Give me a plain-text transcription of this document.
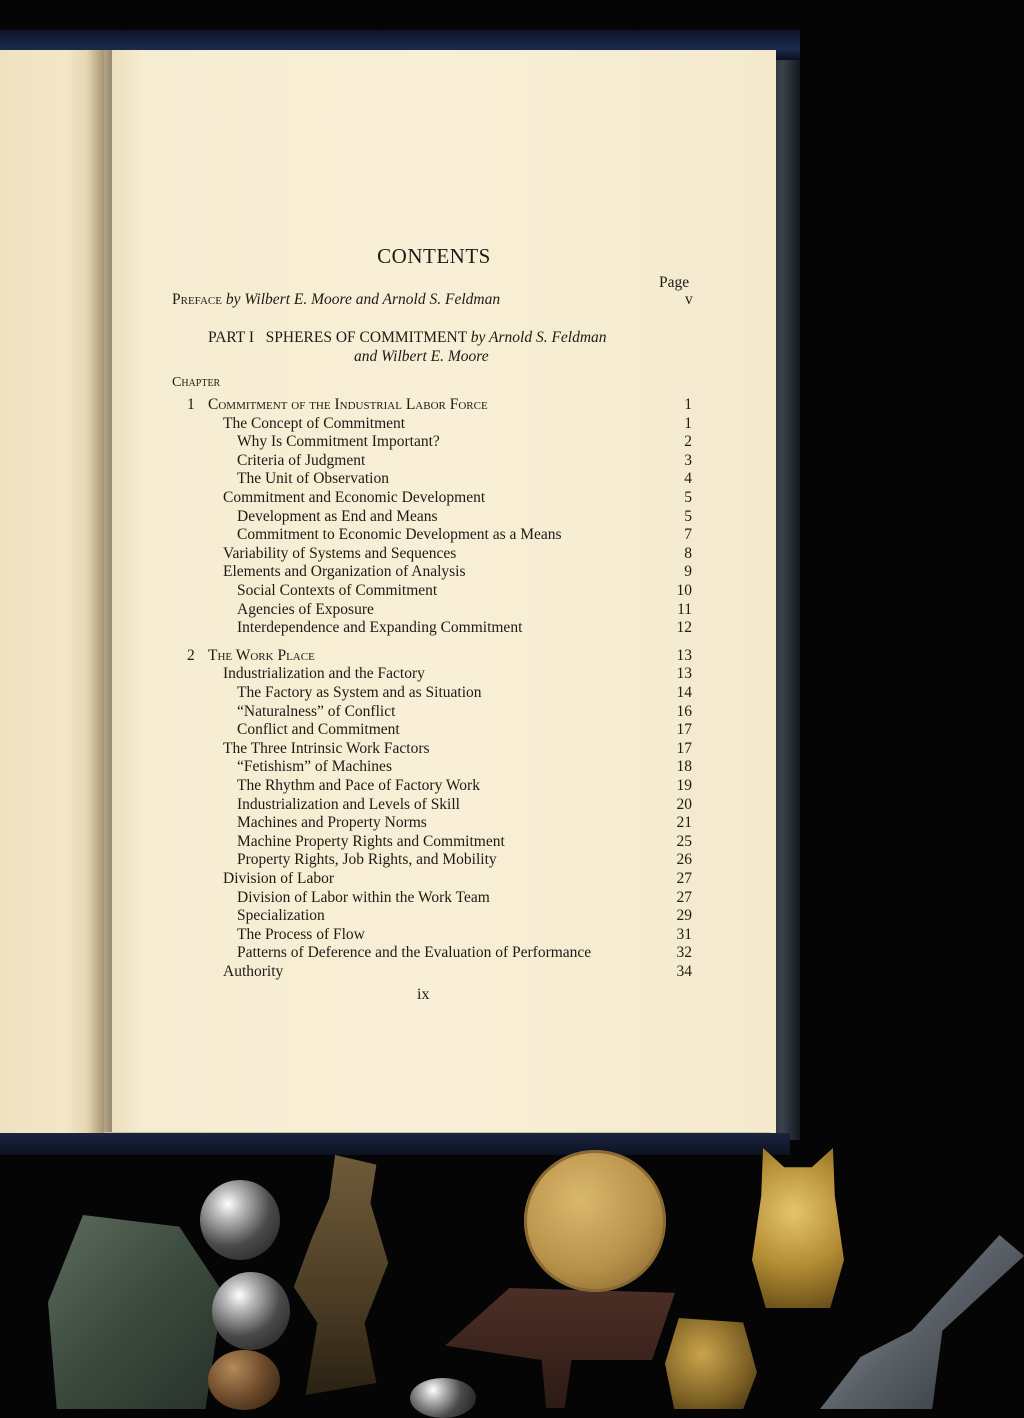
CONTENTS
Page
Preface by Wilbert E. Moore and Arnold S. Feldman	v
PART I SPHERES OF COMMITMENT by Arnold S. Feldman
and Wilbert E. Moore
Chapter
1 Commitment of the Industrial Labor Force	1
The Concept of Commitment	1
Why Is Commitment Important?	2
Criteria of Judgment	3
The Unit of Observation	4
Commitment and Economic Development	5
Development as End and Means	5
Commitment to Economic Development as a Means	7
Variability of Systems and Sequences	8
Elements and Organization of Analysis	9
Social Contexts of Commitment	10
Agencies of Exposure	11
Interdependence and Expanding Commitment	12
2 The Work Place	13
Industrialization and the Factory	13
The Factory as System and as Situation	14
“Naturalness” of Conflict	16
Conflict and Commitment	17
The Three Intrinsic Work Factors	17
“Fetishism” of Machines	18
The Rhythm and Pace of Factory Work	19
Industrialization and Levels of Skill	20
Machines and Property Norms	21
Machine Property Rights and Commitment	25
Property Rights, Job Rights, and Mobility	26
Division of Labor	27
Division of Labor within the Work Team	27
Specialization	29
The Process of Flow	31
Patterns of Deference and the Evaluation of Performance	32
Authority	34
ix
